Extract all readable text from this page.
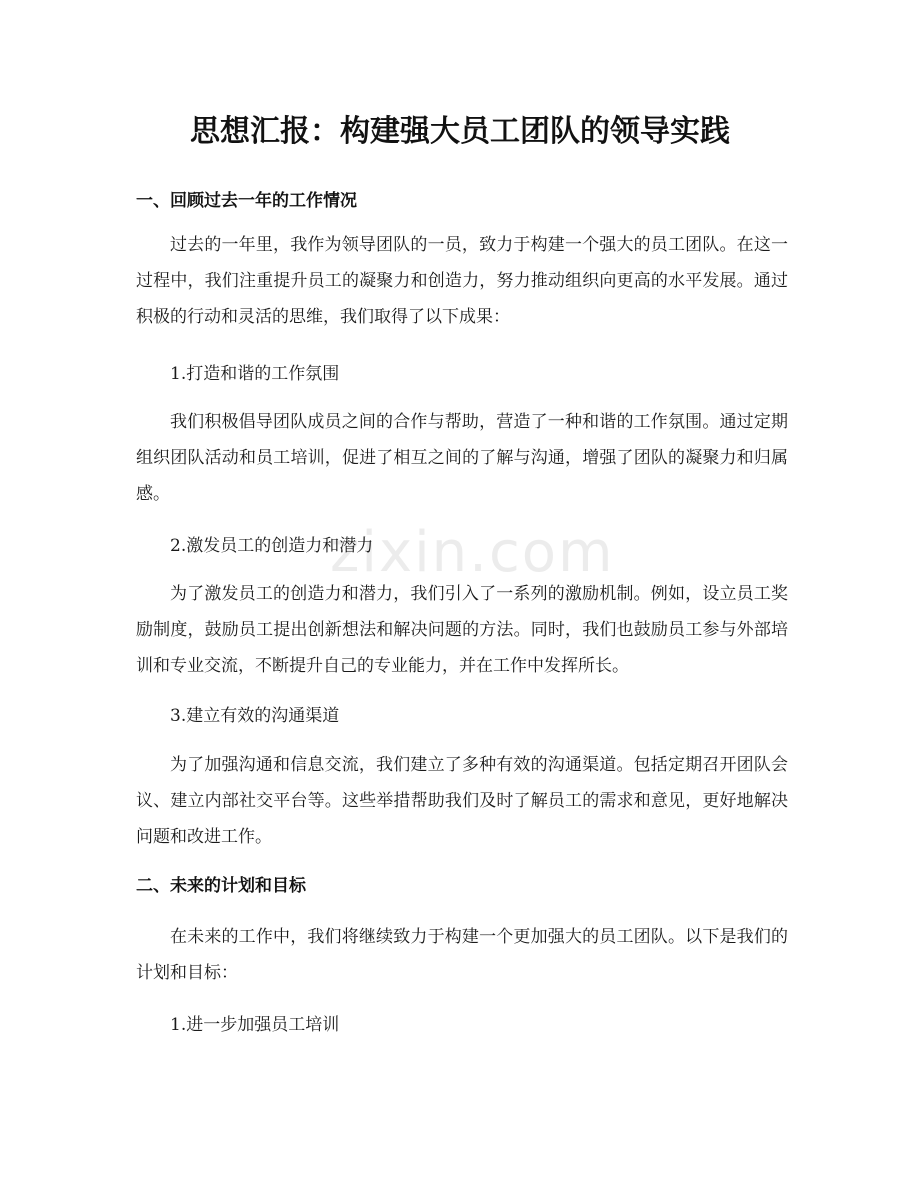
zixin.com
思想汇报：构建强大员工团队的领导实践
一、回顾过去一年的工作情况

过去的一年里，我作为领导团队的一员，致力于构建一个强大的员工团队。在这一过程中，我们注重提升员工的凝聚力和创造力，努力推动组织向更高的水平发展。通过积极的行动和灵活的思维，我们取得了以下成果：

1.打造和谐的工作氛围

我们积极倡导团队成员之间的合作与帮助，营造了一种和谐的工作氛围。通过定期组织团队活动和员工培训，促进了相互之间的了解与沟通，增强了团队的凝聚力和归属感。

2.激发员工的创造力和潜力

为了激发员工的创造力和潜力，我们引入了一系列的激励机制。例如，设立员工奖励制度，鼓励员工提出创新想法和解决问题的方法。同时，我们也鼓励员工参与外部培训和专业交流，不断提升自己的专业能力，并在工作中发挥所长。

3.建立有效的沟通渠道

为了加强沟通和信息交流，我们建立了多种有效的沟通渠道。包括定期召开团队会议、建立内部社交平台等。这些举措帮助我们及时了解员工的需求和意见，更好地解决问题和改进工作。

二、未来的计划和目标

在未来的工作中，我们将继续致力于构建一个更加强大的员工团队。以下是我们的计划和目标：

1.进一步加强员工培训
